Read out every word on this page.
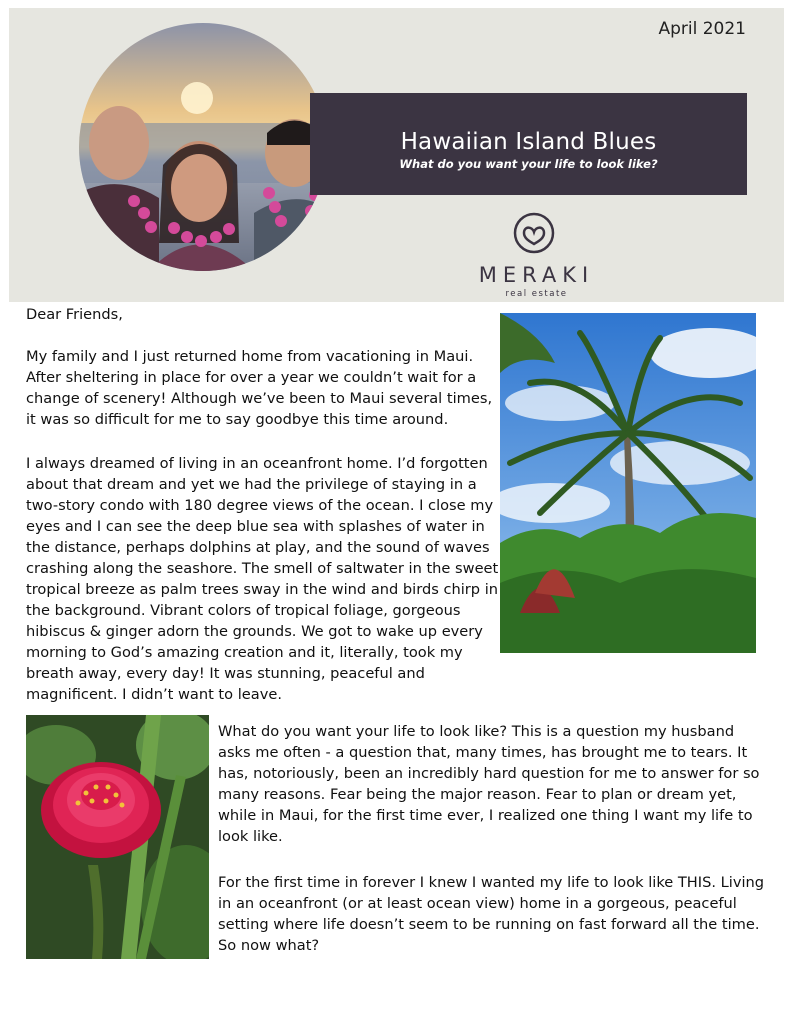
April 2021
Hawaiian Island Blues
What do you want your life to look like?
MERAKI
real estate
Dear Friends,
My family and I just returned home from vacationing in Maui. After sheltering in place for over a year we couldn’t wait for a change of scenery! Although we’ve been to Maui several times, it was so difficult for me to say goodbye this time around.
I always dreamed of living in an oceanfront home. I’d forgotten about that dream and yet we had the privilege of staying in a two-story condo with 180 degree views of the ocean. I close my eyes and I can see the deep blue sea with splashes of water in the distance, perhaps dolphins at play, and the sound of waves crashing along the seashore. The smell of saltwater in the sweet tropical breeze as palm trees sway in the wind and birds chirp in the background. Vibrant colors of tropical foliage, gorgeous hibiscus & ginger adorn the grounds. We got to wake up every morning to God’s amazing creation and it, literally, took my breath away, every day! It was stunning, peaceful and magnificent. I didn’t want to leave.
What do you want your life to look like? This is a question my husband asks me often - a question that, many times, has brought me to tears. It has, notoriously, been an incredibly hard question for me to answer for so many reasons. Fear being the major reason. Fear to plan or dream yet, while in Maui, for the first time ever, I realized one thing I want my life to look like.
For the first time in forever I knew I wanted my life to look like THIS. Living in an oceanfront (or at least ocean view) home in a gorgeous, peaceful setting where life doesn’t seem to be running on fast forward all the time. So now what?
